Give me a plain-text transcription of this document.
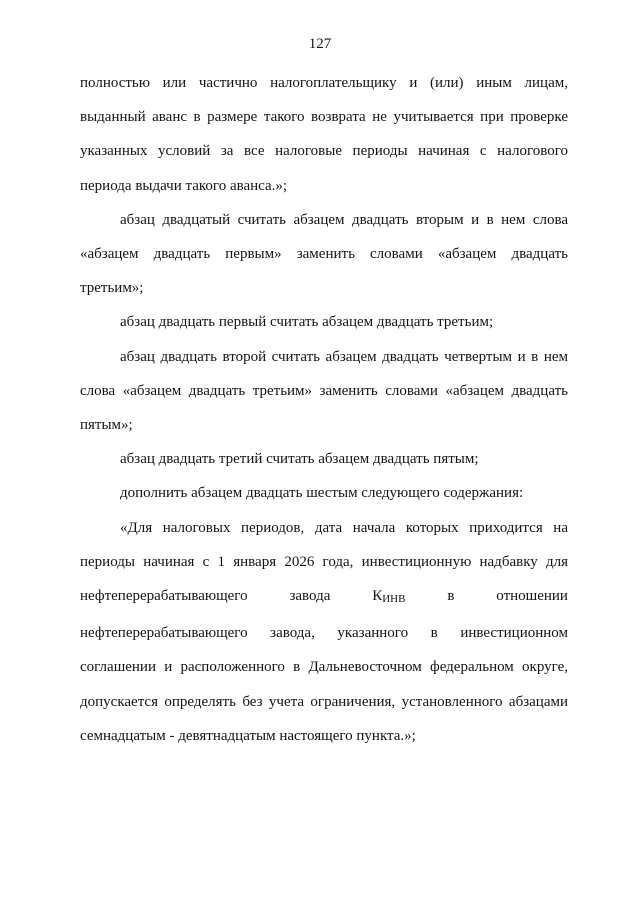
127
полностью или частично налогоплательщику и (или) иным лицам,
выданный аванс в размере такого возврата не учитывается при проверке
указанных условий за все налоговые периоды начиная с налогового
периода выдачи такого аванса.»;
абзац двадцатый считать абзацем двадцать вторым и в нем слова
«абзацем двадцать первым» заменить словами «абзацем двадцать
третьим»;
абзац двадцать первый считать абзацем двадцать третьим;
абзац двадцать второй считать абзацем двадцать четвертым и в нем
слова «абзацем двадцать третьим» заменить словами «абзацем двадцать
пятым»;
абзац двадцать третий считать абзацем двадцать пятым;
дополнить абзацем двадцать шестым следующего содержания:
«Для налоговых периодов, дата начала которых приходится на
периоды начиная с 1 января 2026 года, инвестиционную надбавку для
нефтеперерабатывающего	завода	КИНВ	в	отношении
нефтеперерабатывающего завода, указанного в инвестиционном
соглашении и расположенного в Дальневосточном федеральном округе,
допускается определять без учета ограничения, установленного абзацами
семнадцатым - девятнадцатым настоящего пункта.»;
